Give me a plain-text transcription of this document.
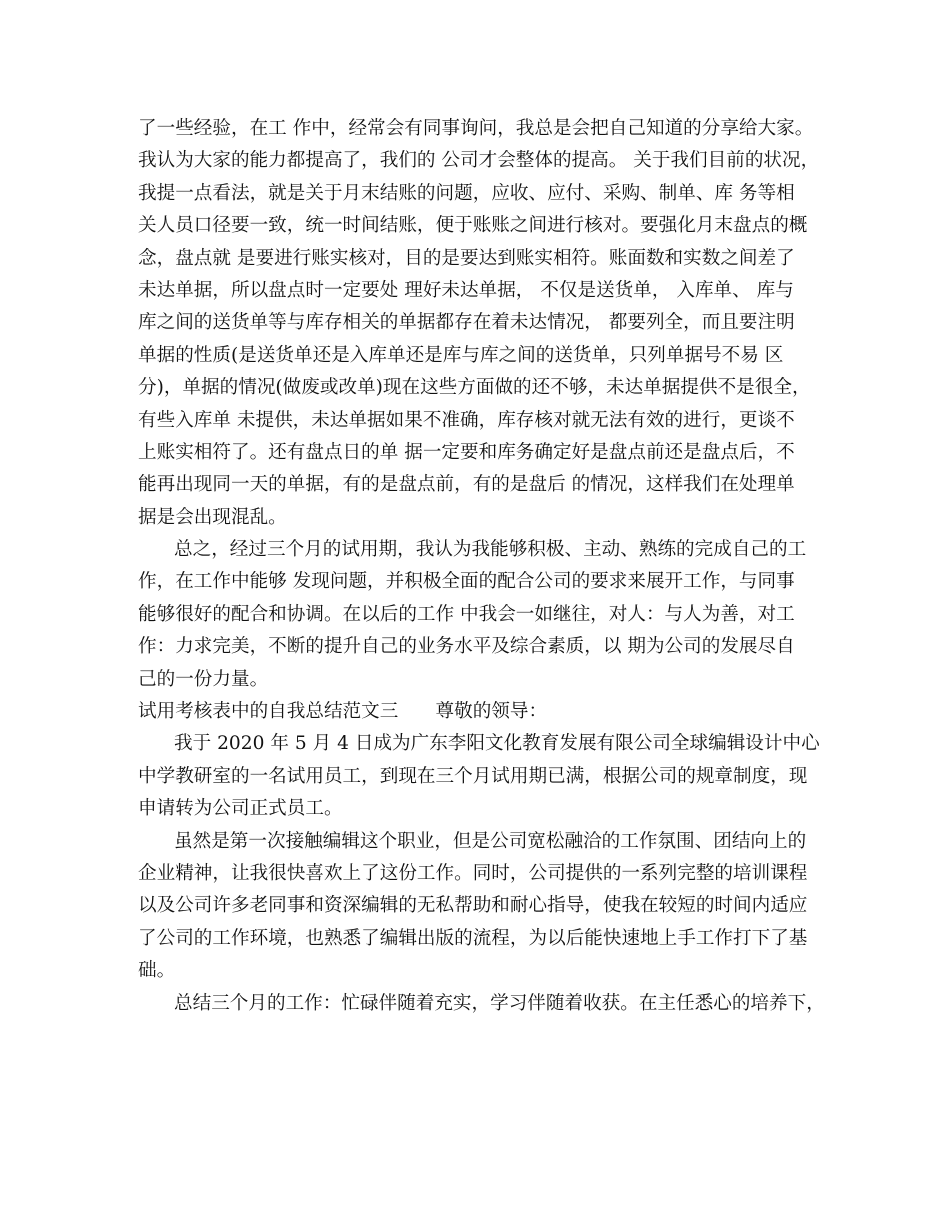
了一些经验，在工 作中，经常会有同事询问，我总是会把自己知道的分享给大家。
我认为大家的能力都提高了，我们的 公司才会整体的提高。 关于我们目前的状况，
我提一点看法，就是关于月末结账的问题，应收、应付、采购、制单、库 务等相
关人员口径要一致，统一时间结账，便于账账之间进行核对。要强化月末盘点的概
念，盘点就 是要进行账实核对，目的是要达到账实相符。账面数和实数之间差了
未达单据，所以盘点时一定要处 理好未达单据， 不仅是送货单， 入库单、 库与
库之间的送货单等与库存相关的单据都存在着未达情况， 都要列全，而且要注明
单据的性质(是送货单还是入库单还是库与库之间的送货单，只列单据号不易 区
分)，单据的情况(做废或改单)现在这些方面做的还不够，未达单据提供不是很全，
有些入库单 未提供，未达单据如果不准确，库存核对就无法有效的进行，更谈不
上账实相符了。还有盘点日的单 据一定要和库务确定好是盘点前还是盘点后，不
能再出现同一天的单据，有的是盘点前，有的是盘后 的情况，这样我们在处理单
据是会出现混乱。
总之，经过三个月的试用期，我认为我能够积极、主动、熟练的完成自己的工
作，在工作中能够 发现问题，并积极全面的配合公司的要求来展开工作，与同事
能够很好的配合和协调。在以后的工作 中我会一如继往，对人：与人为善，对工
作：力求完美，不断的提升自己的业务水平及综合素质，以 期为公司的发展尽自
己的一份力量。
试用考核表中的自我总结范文三　　尊敬的领导：
我于 2020 年 5 月 4 日成为广东李阳文化教育发展有限公司全球编辑设计中心
中学教研室的一名试用员工，到现在三个月试用期已满，根据公司的规章制度，现
申请转为公司正式员工。
虽然是第一次接触编辑这个职业，但是公司宽松融洽的工作氛围、团结向上的
企业精神，让我很快喜欢上了这份工作。同时，公司提供的一系列完整的培训课程
以及公司许多老同事和资深编辑的无私帮助和耐心指导，使我在较短的时间内适应
了公司的工作环境，也熟悉了编辑出版的流程，为以后能快速地上手工作打下了基
础。
总结三个月的工作：忙碌伴随着充实，学习伴随着收获。在主任悉心的培养下，
